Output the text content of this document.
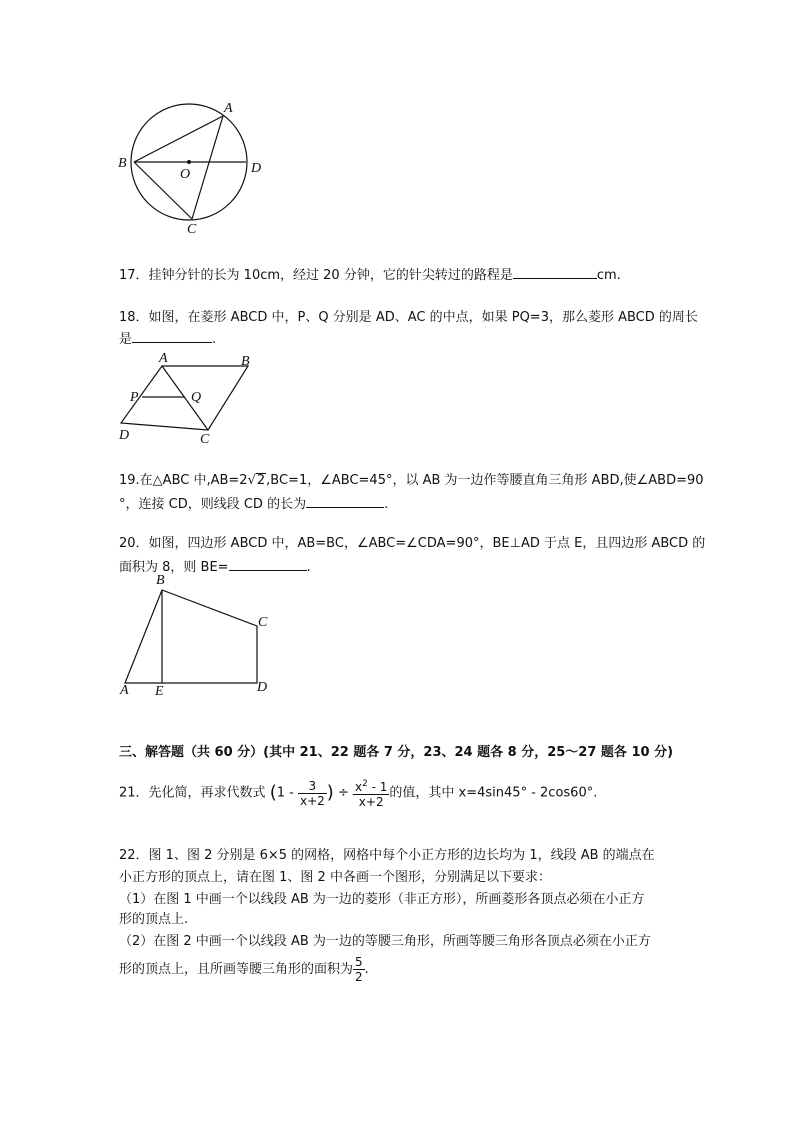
A
B
C
D
O
17．挂钟分针的长为 10cm，经过 20 分钟，它的针尖转过的路程是	cm.
18．如图，在菱形 ABCD 中，P、Q 分别是 AD、AC 的中点，如果 PQ=3，那么菱形 ABCD 的周长
是	.
A	B
C
D
P	Q
19.在△ABC 中,AB=2√2,BC=1，∠ABC=45°，以 AB 为一边作等腰直角三角形 ABD,使∠ABD=90
°，连接 CD，则线段 CD 的长为	.
20．如图，四边形 ABCD 中，AB=BC，∠ABC=∠CDA=90°，BE⊥AD 于点 E，且四边形 ABCD 的
面积为 8，则 BE=	.
A
B
C
D
E
三、解答题（共 60 分）(其中 21、22 题各 7 分，23、24 题各 8 分，25～27 题各 10 分)
21．先化简，再求代数式 ($1 - \frac{3}{x+2}$ ) ÷ $\frac{x^2 - 1}{x+2}$ 的值，其中 x=4sin45° - 2cos60°.
22．图 1、图 2 分别是 6×5 的网格，网格中每个小正方形的边长均为 1，线段 AB 的端点在
小正方形的顶点上，请在图 1、图 2 中各画一个图形，分别满足以下要求：
（1）在图 1 中画一个以线段 AB 为一边的菱形（非正方形），所画菱形各顶点必须在小正方
形的顶点上.
（2）在图 2 中画一个以线段 AB 为一边的等腰三角形，所画等腰三角形各顶点必须在小正方
形的顶点上，且所画等腰三角形的面积为 $\frac{5}{2}$ .
